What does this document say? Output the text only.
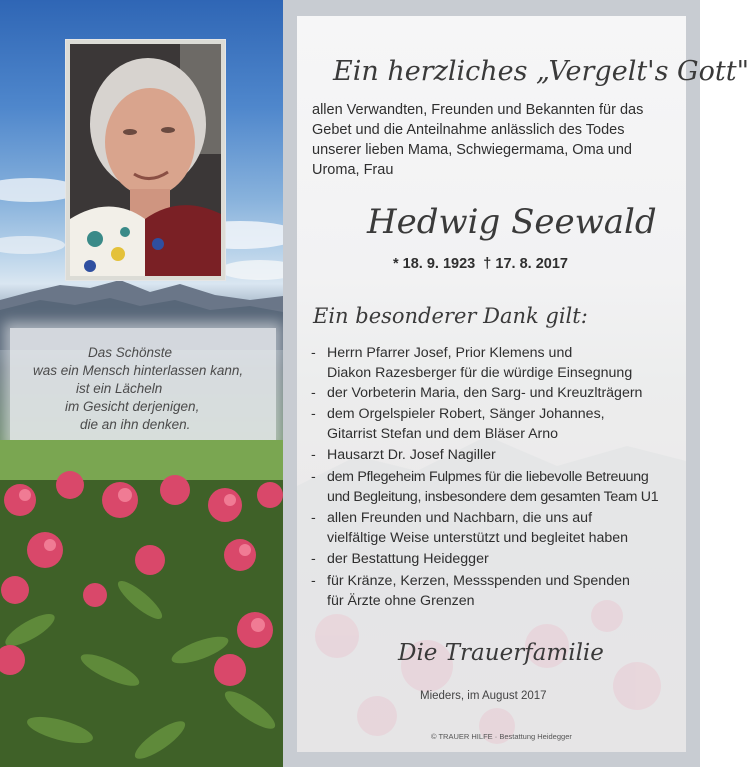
Das Schönste

was ein Mensch hinterlassen kann,

ist ein Lächeln

im Gesicht derjenigen,

die an ihn denken.

Ein herzliches „Vergelt's Gott"
allen Verwandten, Freunden und Bekannten für das
Gebet und die Anteilnahme anlässlich des Todes
unserer lieben Mama, Schwiegermama, Oma und
Uroma, Frau
Hedwig Seewald
* 18. 9. 1923  † 17. 8. 2017
Ein besonderer Dank gilt:
- Herrn Pfarrer Josef, Prior Klemens und
Diakon Razesberger für die würdige Einsegnung
- der Vorbeterin Maria, den Sarg- und Kreuzlträgern
- dem Orgelspieler Robert, Sänger Johannes,
Gitarrist Stefan und dem Bläser Arno
- Hausarzt Dr. Josef Nagiller
- dem Pflegeheim Fulpmes für die liebevolle Betreuung
und Begleitung, insbesondere dem gesamten Team U1
- allen Freunden und Nachbarn, die uns auf
vielfältige Weise unterstützt und begleitet haben
- der Bestattung Heidegger
- für Kränze, Kerzen, Messspenden und Spenden
für Ärzte ohne Grenzen
Die Trauerfamilie
Mieders, im August 2017
© TRAUER HILFE · Bestattung Heidegger
